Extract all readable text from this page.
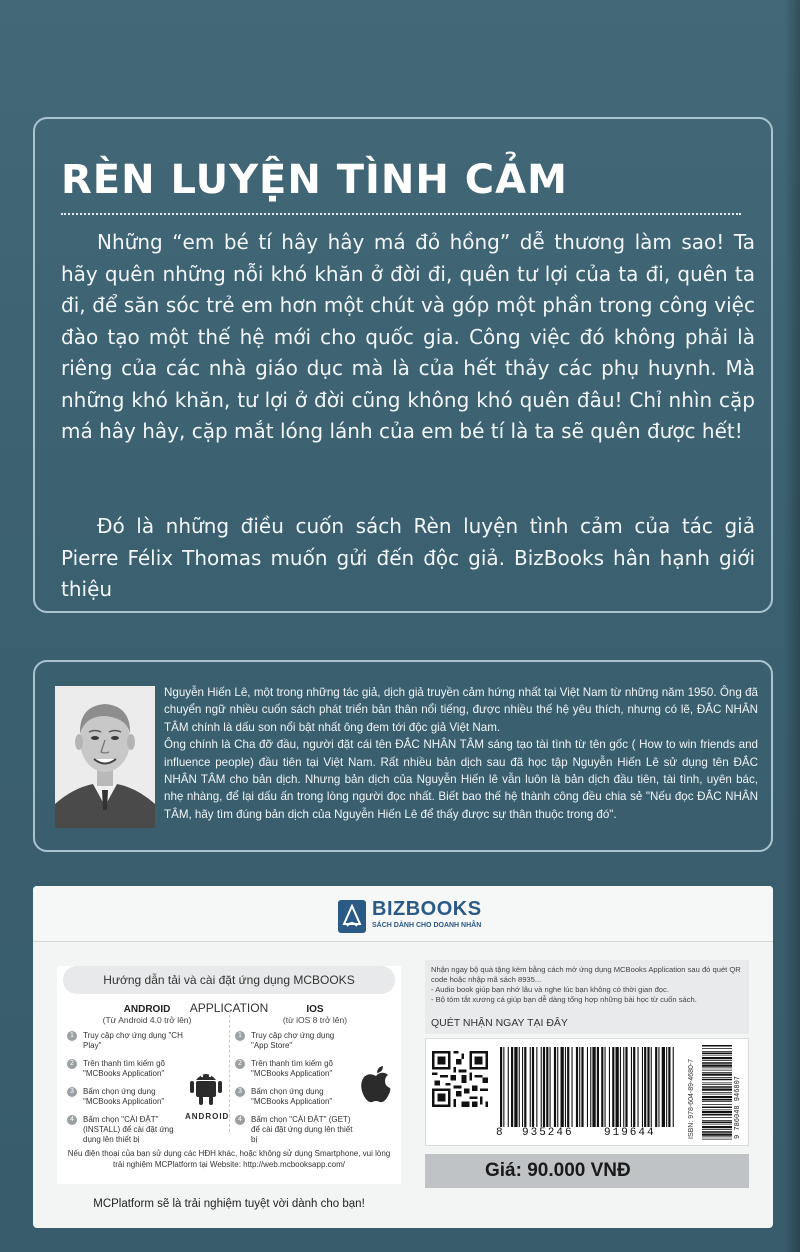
RÈN LUYỆN TÌNH CẢM

Những “em bé tí hây hây má đỏ hồng” dễ thương làm sao! Ta hãy quên những nỗi khó khăn ở đời đi, quên tư lợi của ta đi, quên ta đi, để săn sóc trẻ em hơn một chút và góp một phần trong công việc đào tạo một thế hệ mới cho quốc gia. Công việc đó không phải là riêng của các nhà giáo dục mà là của hết thảy các phụ huynh. Mà những khó khăn, tư lợi ở đời cũng không khó quên đâu! Chỉ nhìn cặp má hây hây, cặp mắt lóng lánh của em bé tí là ta sẽ quên được hết!

Đó là những điều cuốn sách Rèn luyện tình cảm của tác giả Pierre Félix Thomas muốn gửi đến độc giả. BizBooks hân hạnh giới thiệu

Nguyễn Hiến Lê, một trong những tác giả, dịch giả truyền cảm hứng nhất tại Việt Nam từ những năm 1950. Ông đã chuyển ngữ nhiều cuốn sách phát triển bản thân nổi tiếng, được nhiều thế hệ yêu thích, nhưng có lẽ, ĐẮC NHÂN TÂM chính là dấu son nổi bật nhất ông đem tới độc giả Việt Nam.
Ông chính là Cha đỡ đầu, người đặt cái tên ĐẮC NHÂN TÂM sáng tạo tài tình từ tên gốc ( How to win friends and influence people) đầu tiên tại Việt Nam. Rất nhiều bản dịch sau đã học tập Nguyễn Hiến Lê sử dụng tên ĐẮC NHÂN TÂM cho bản dịch. Nhưng bản dịch của Nguyễn Hiến lê vẫn luôn là bản dịch đầu tiên, tài tình, uyên bác, nhẹ nhàng, để lại dấu ấn trong lòng người đọc nhất. Biết bao thế hệ thành công đều chia sẻ "Nếu đọc ĐẮC NHÂN TÂM, hãy tìm đúng bản dịch của Nguyễn Hiến Lê để thấy được sự thân thuộc trong đó".

BIZBOOKS
SÁCH DÀNH CHO DOANH NHÂN
Hướng dẫn tải và cài đặt ứng dụng MCBOOKS APPLICATION
ANDROID
(Từ Android 4.0 trở lên)
1	Truy cập chợ ứng dụng "CH Play"
2	Trên thanh tìm kiếm gõ "MCBooks Application"
3	Bấm chọn ứng dụng "MCBooks Application"
4	Bấm chọn "CÀI ĐẶT" (INSTALL) để cài đặt ứng dụng lên thiết bị
ANDROID
IOS
(từ iOS 8 trở lên)
1	Truy cập chợ ứng dụng "App Store"
2	Trên thanh tìm kiếm gõ "MCBooks Application"
3	Bấm chọn ứng dụng "MCBooks Application"
4	Bấm chọn "CÀI ĐẶT" (GET) để cài đặt ứng dụng lên thiết bị
Nếu điện thoại của bạn sử dụng các HĐH khác, hoặc không sử dụng Smartphone, vui lòng trải nghiệm MCPlatform tại Website: http://web.mcbooksapp.com/
MCPlatform sẽ là trải nghiệm tuyệt vời dành cho bạn!
Nhận ngay bộ quà tặng kèm bằng cách mở ứng dụng MCBooks Application sau đó quét QR code hoặc nhập mã sách 8935...
- Audio book giúp bạn nhớ lâu và nghe lúc bạn không có thời gian đọc.
- Bộ tóm tắt xương cá giúp bạn dễ dàng tổng hợp những bài học từ cuốn sách.
QUÉT NHẬN NGAY TẠI ĐÂY
8 935246	919644	ISBN: 978-604-89-4680-7	9 786048 946807
Giá: 90.000 VNĐ
